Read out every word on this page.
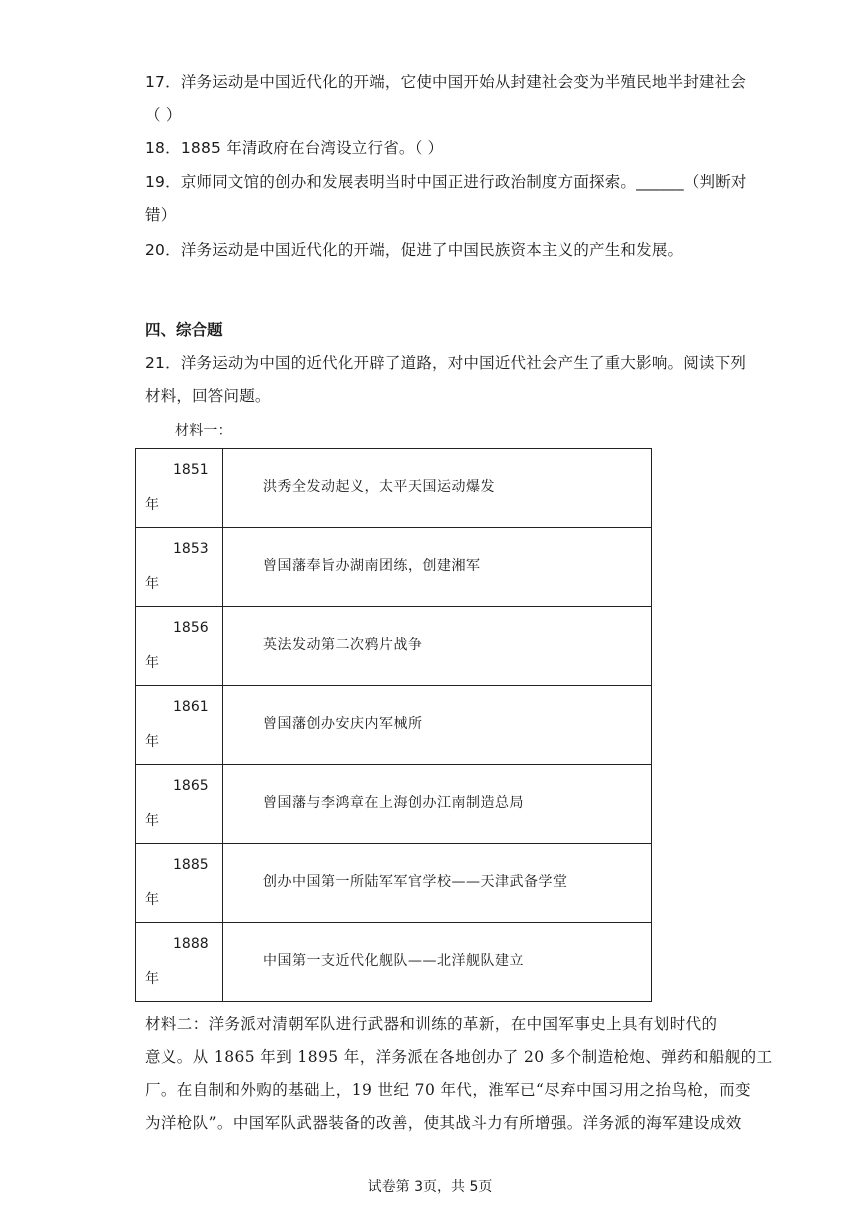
17．洋务运动是中国近代化的开端，它使中国开始从封建社会变为半殖民地半封建社会
（ ）
18．1885 年清政府在台湾设立行省。（ ）
19．京师同文馆的创办和发展表明当时中国正进行政治制度方面探索。______（判断对
错）
20．洋务运动是中国近代化的开端，促进了中国民族资本主义的产生和发展。
四、综合题
21．洋务运动为中国的近代化开辟了道路，对中国近代社会产生了重大影响。阅读下列
材料，回答问题。
材料一：
1851
年	洪秀全发动起义，太平天国运动爆发

1853
年	曾国藩奉旨办湖南团练，创建湘军

1856
年	英法发动第二次鸦片战争

1861
年	曾国藩创办安庆内军械所

1865
年	曾国藩与李鸿章在上海创办江南制造总局

1885
年	创办中国第一所陆军军官学校——天津武备学堂

1888
年	中国第一支近代化舰队——北洋舰队建立
材料二：洋务派对清朝军队进行武器和训练的革新，在中国军事史上具有划时代的
意义。从 1865 年到 1895 年，洋务派在各地创办了 20 多个制造枪炮、弹药和船舰的工
厂。在自制和外购的基础上，19 世纪 70 年代，淮军已“尽弃中国习用之抬鸟枪，而变
为洋枪队”。中国军队武器装备的改善，使其战斗力有所增强。洋务派的海军建设成效
试卷第 3页，共 5页
